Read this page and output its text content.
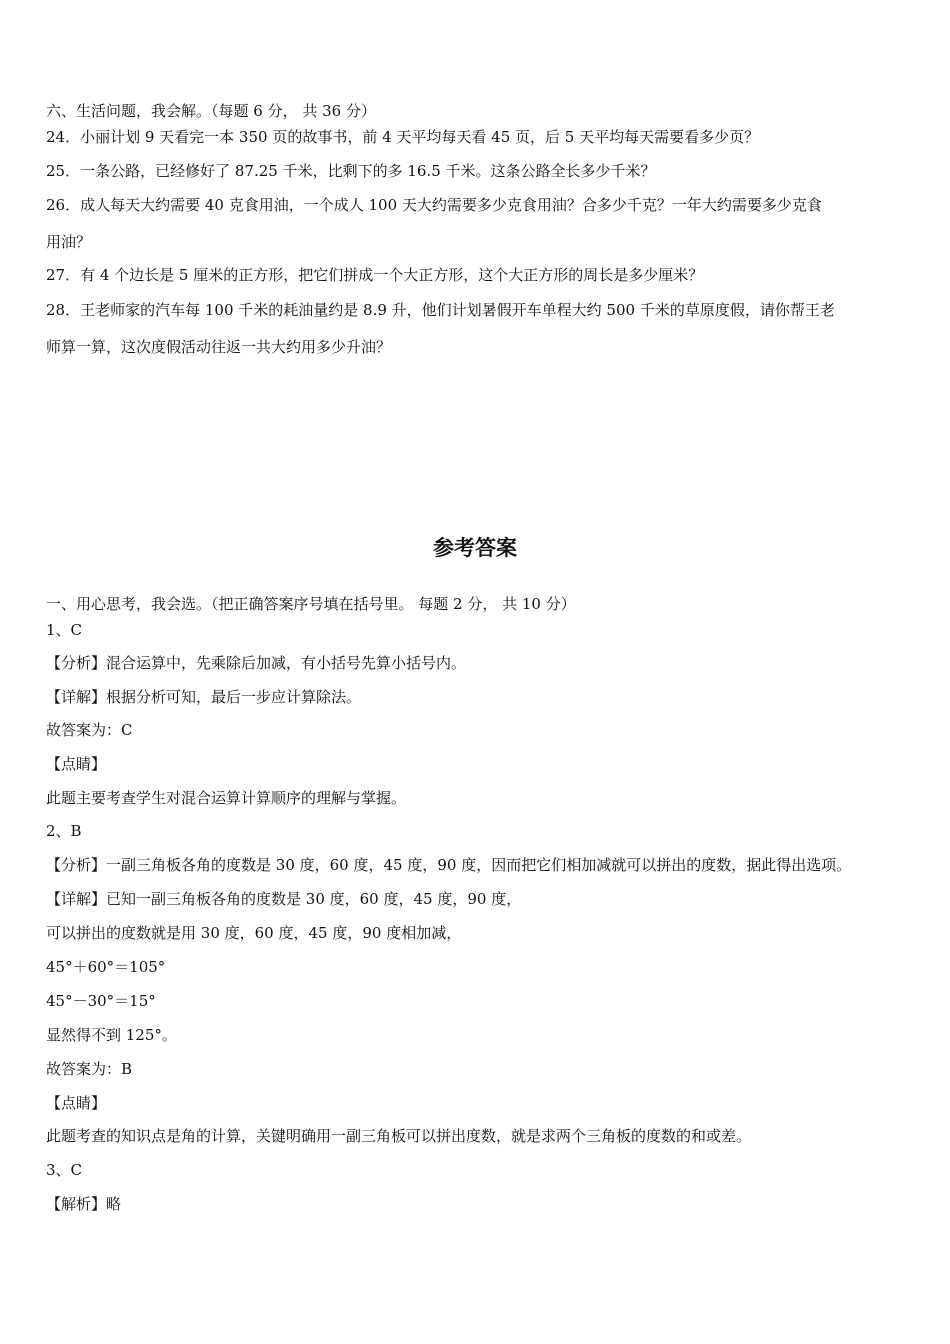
六、生活问题，我会解。（每题 6 分， 共 36 分）
24．小丽计划 9 天看完一本 350 页的故事书，前 4 天平均每天看 45 页，后 5 天平均每天需要看多少页？
25．一条公路，已经修好了 87.25 千米，比剩下的多 16.5 千米。这条公路全长多少千米？
26．成人每天大约需要 40 克食用油，一个成人 100 天大约需要多少克食用油？合多少千克？一年大约需要多少克食
用油？
27．有 4 个边长是 5 厘米的正方形，把它们拼成一个大正方形，这个大正方形的周长是多少厘米？
28．王老师家的汽车每 100 千米的耗油量约是 8.9 升，他们计划暑假开车单程大约 500 千米的草原度假，请你帮王老
师算一算，这次度假活动往返一共大约用多少升油？
参考答案
一、用心思考，我会选。（把正确答案序号填在括号里。 每题 2 分， 共 10 分）
1、C
【分析】混合运算中，先乘除后加减，有小括号先算小括号内。
【详解】根据分析可知，最后一步应计算除法。
故答案为：C
【点睛】
此题主要考查学生对混合运算计算顺序的理解与掌握。
2、B
【分析】一副三角板各角的度数是 30 度，60 度，45 度，90 度，因而把它们相加减就可以拼出的度数，据此得出选项。
【详解】已知一副三角板各角的度数是 30 度，60 度，45 度，90 度，
可以拼出的度数就是用 30 度，60 度，45 度，90 度相加减，
45°＋60°＝105°
45°－30°＝15°
显然得不到 125°。
故答案为：B
【点睛】
此题考查的知识点是角的计算，关键明确用一副三角板可以拼出度数，就是求两个三角板的度数的和或差。
3、C
【解析】略
